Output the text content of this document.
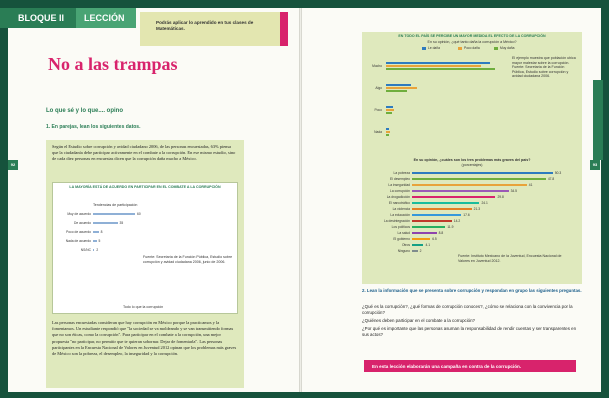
BLOQUE II	LECCIÓN	Podrás aplicar lo aprendido en tus clases de Matemáticas.
No a las trampas
Lo que sé y lo que.... opino
1. En parejas, lean los siguientes datos.
92	93
Según el Estudio sobre corrupción y avidad ciudadano 2006, de las personas encuestadas, 63% piensa que la ciudadanía debe participar activamente en el combate a la corrupción. En ese mismo estudio, sino de cada diez personas en encuestas dicen que la corrupción daña mucho a México.
LA MAYORÍA ESTÁ DE ACUERDO EN PARTICIPAR EN EL COMBATE A LA CORRUPCIÓN
Tendencias de participación
Muy de acuerdo	60
De acuerdo	35
Poco de acuerdo	8
Nada de acuerdo 5
NS/NC 2
Fuente: Secretaría de la Función Pública, Estudio sobre corrupción y avidad ciudadana 2006, junio de 2006.
Todo lo que la corrupción
Las personas encuestadas consideran que hay corrupción en México porque la practicamos y la fomentamos. Un estudiante respondió que "la sociedad se va moldeando y se van transmitiendo formas que no son éticas, como la corrupción". Para participar en el combate a la corrupción, una mejor propuesta "no participar, no permitir que te quieran sobornar. Dejar de fomentarla". Las personas participantes en la Encuesta Nacional de Valores en Juventud 2012 opinan que los problemas más graves de México son la pobreza, el desempleo, la inseguridad y la corrupción.
EN TODO EL PAÍS SE PERCIBE UN MAYOR MEDIDA EL EFECTO DE LA CORRUPCIÓN
En su opinión, ¿qué tanto daña la corrupción a México?
Le daña	Poco daña	Muy daña
Mucho
Algo
Poco
Nada
El ejemplo muestra que población ubica mayor malestar sobre la corrupción. Fuente: Secretaría de la Función Pública, Estudio sobre corrupción y avidad ciudadana 2006.
En su opinión, ¿cuáles son los tres problemas más graves del país?
(porcentajes)
La pobreza	50.3
El desempleo	47.8
La inseguridad	41
La corrupción	34.5
La drogadicción	29.8
El narcotráfico	24.1
La violencia	21.3
La educación	17.6
La desintegración	14.2
Los políticos	11.9
La salud	8.8
El gobierno	6.5
Otros	4.1
Ninguno	2
Fuente: Instituto Mexicano de la Juventud, Encuesta Nacional de Valores en Juventud 2012.
2. Lean la información que se presenta sobre corrupción y respondan en grupo las siguientes preguntas.
¿Qué es la corrupción?, ¿qué formas de corrupción conoces?, ¿cómo se relaciona con la convivencia por la corrupción?
¿Quiénes deben participar en el combate a la corrupción?
¿Por qué es importante que las personas asuman la responsabilidad de rendir cuentas y ser transparentes en sus actos?
En esta lección elaborarán una campaña en contra de la corrupción.
